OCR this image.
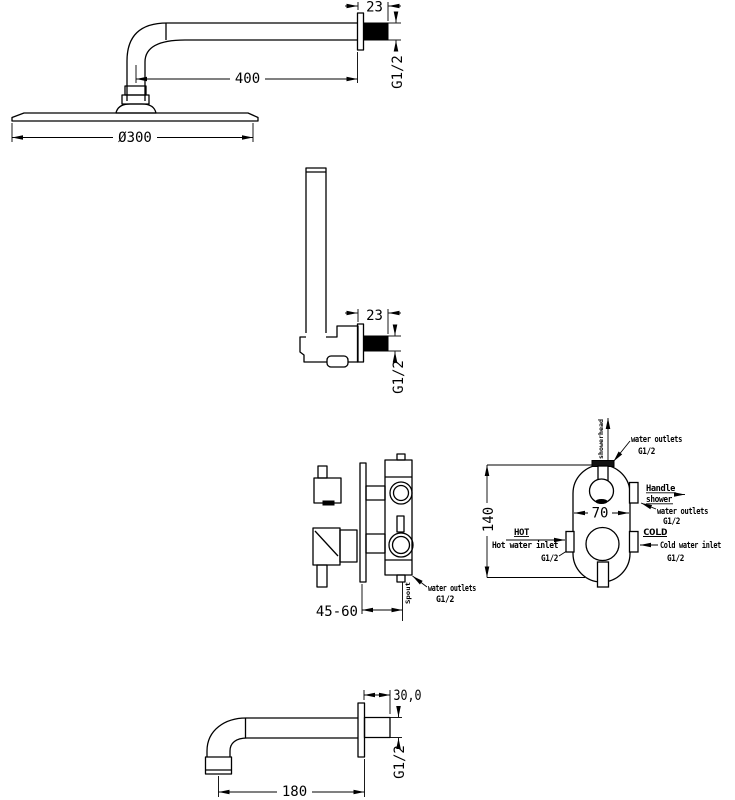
23
G1/2
400
Ø300
23
G1/2
45-60
water outlets
G1/2
Spout
140	70
showerhead	water outlets
G1/2
Handle
shower
water outlets
G1/2
HOT
Hot water inlet
G1/2
COLD
Cold water inlet
G1/2
30,0
G1/2
180
